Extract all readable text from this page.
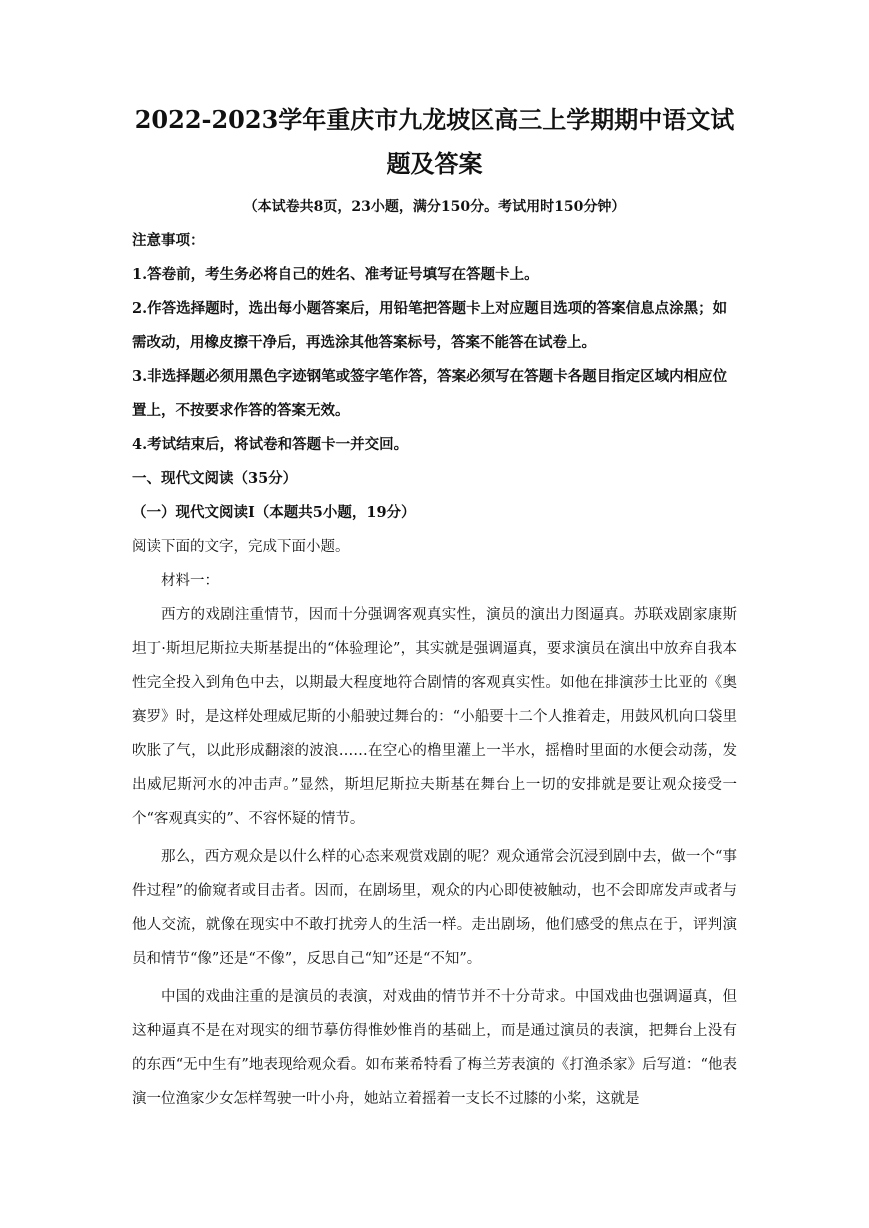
2022-2023学年重庆市九龙坡区高三上学期期中语文试题及答案

（本试卷共8页，23小题，满分150分。考试用时150分钟）

注意事项：

1.答卷前，考生务必将自己的姓名、准考证号填写在答题卡上。

2.作答选择题时，选出每小题答案后，用铅笔把答题卡上对应题目选项的答案信息点涂黑；如需改动，用橡皮擦干净后，再选涂其他答案标号，答案不能答在试卷上。

3.非选择题必须用黑色字迹钢笔或签字笔作答，答案必须写在答题卡各题目指定区域内相应位置上，不按要求作答的答案无效。

4.考试结束后，将试卷和答题卡一并交回。

一、现代文阅读（35分）

（一）现代文阅读Ⅰ（本题共5小题，19分）

阅读下面的文字，完成下面小题。

材料一：

西方的戏剧注重情节，因而十分强调客观真实性，演员的演出力图逼真。苏联戏剧家康斯坦丁·斯坦尼斯拉夫斯基提出的“体验理论”，其实就是强调逼真，要求演员在演出中放弃自我本性完全投入到角色中去，以期最大程度地符合剧情的客观真实性。如他在排演莎士比亚的《奥赛罗》时，是这样处理威尼斯的小船驶过舞台的：“小船要十二个人推着走，用鼓风机向口袋里吹胀了气，以此形成翻滚的波浪……在空心的橹里灌上一半水，摇橹时里面的水便会动荡，发出威尼斯河水的冲击声。”显然，斯坦尼斯拉夫斯基在舞台上一切的安排就是要让观众接受一个“客观真实的”、不容怀疑的情节。

那么，西方观众是以什么样的心态来观赏戏剧的呢？观众通常会沉浸到剧中去，做一个“事件过程”的偷窥者或目击者。因而，在剧场里，观众的内心即使被触动，也不会即席发声或者与他人交流，就像在现实中不敢打扰旁人的生活一样。走出剧场，他们感受的焦点在于，评判演员和情节“像”还是“不像”，反思自己“知”还是“不知”。

中国的戏曲注重的是演员的表演，对戏曲的情节并不十分苛求。中国戏曲也强调逼真，但这种逼真不是在对现实的细节摹仿得惟妙惟肖的基础上，而是通过演员的表演，把舞台上没有的东西“无中生有”地表现给观众看。如布莱希特看了梅兰芳表演的《打渔杀家》后写道：“他表演一位渔家少女怎样驾驶一叶小舟，她站立着摇着一支长不过膝的小桨，这就是
